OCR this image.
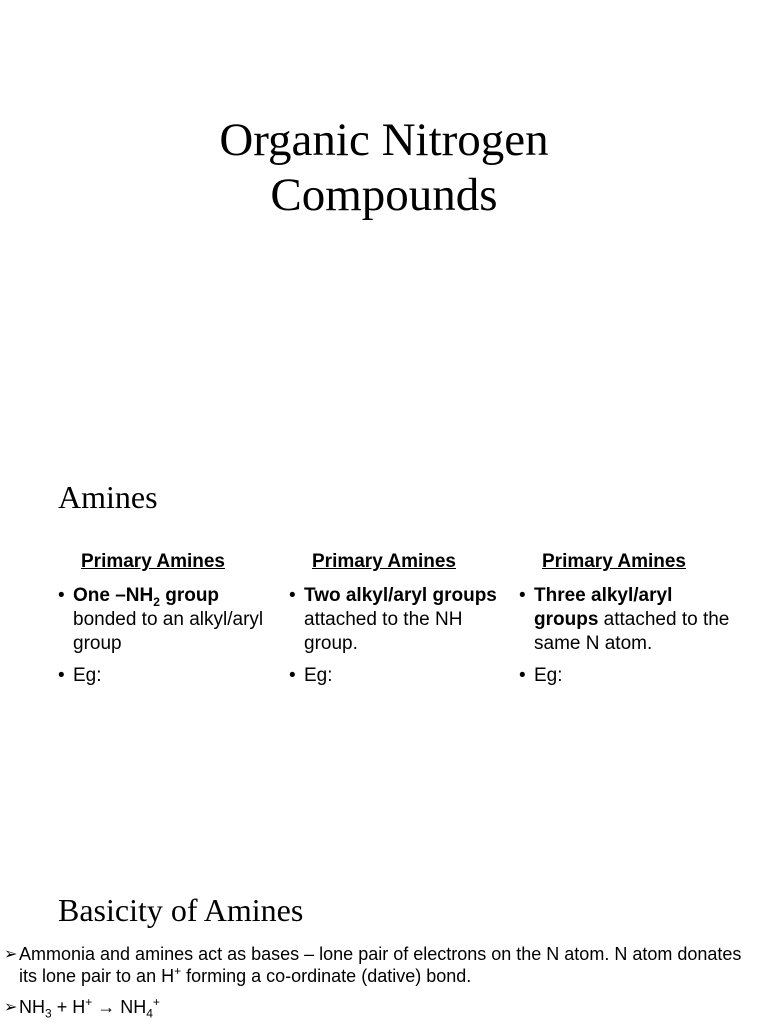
Organic Nitrogen
Compounds
Amines
Primary Amines
• One $-NH_2$ group
bonded to an alkyl/aryl group
• Eg:
Primary Amines
• Two alkyl/aryl groups attached to the NH group.
• Eg:
Primary Amines
• Three alkyl/aryl groups attached to the same N atom.
• Eg:
Basicity of Amines
➢ Ammonia and amines act as bases – lone pair of electrons on the N atom. N atom donates its lone pair to an H+ forming a co-ordinate (dative) bond.
➢ $NH_3 + H^+ \to NH_4^+$
